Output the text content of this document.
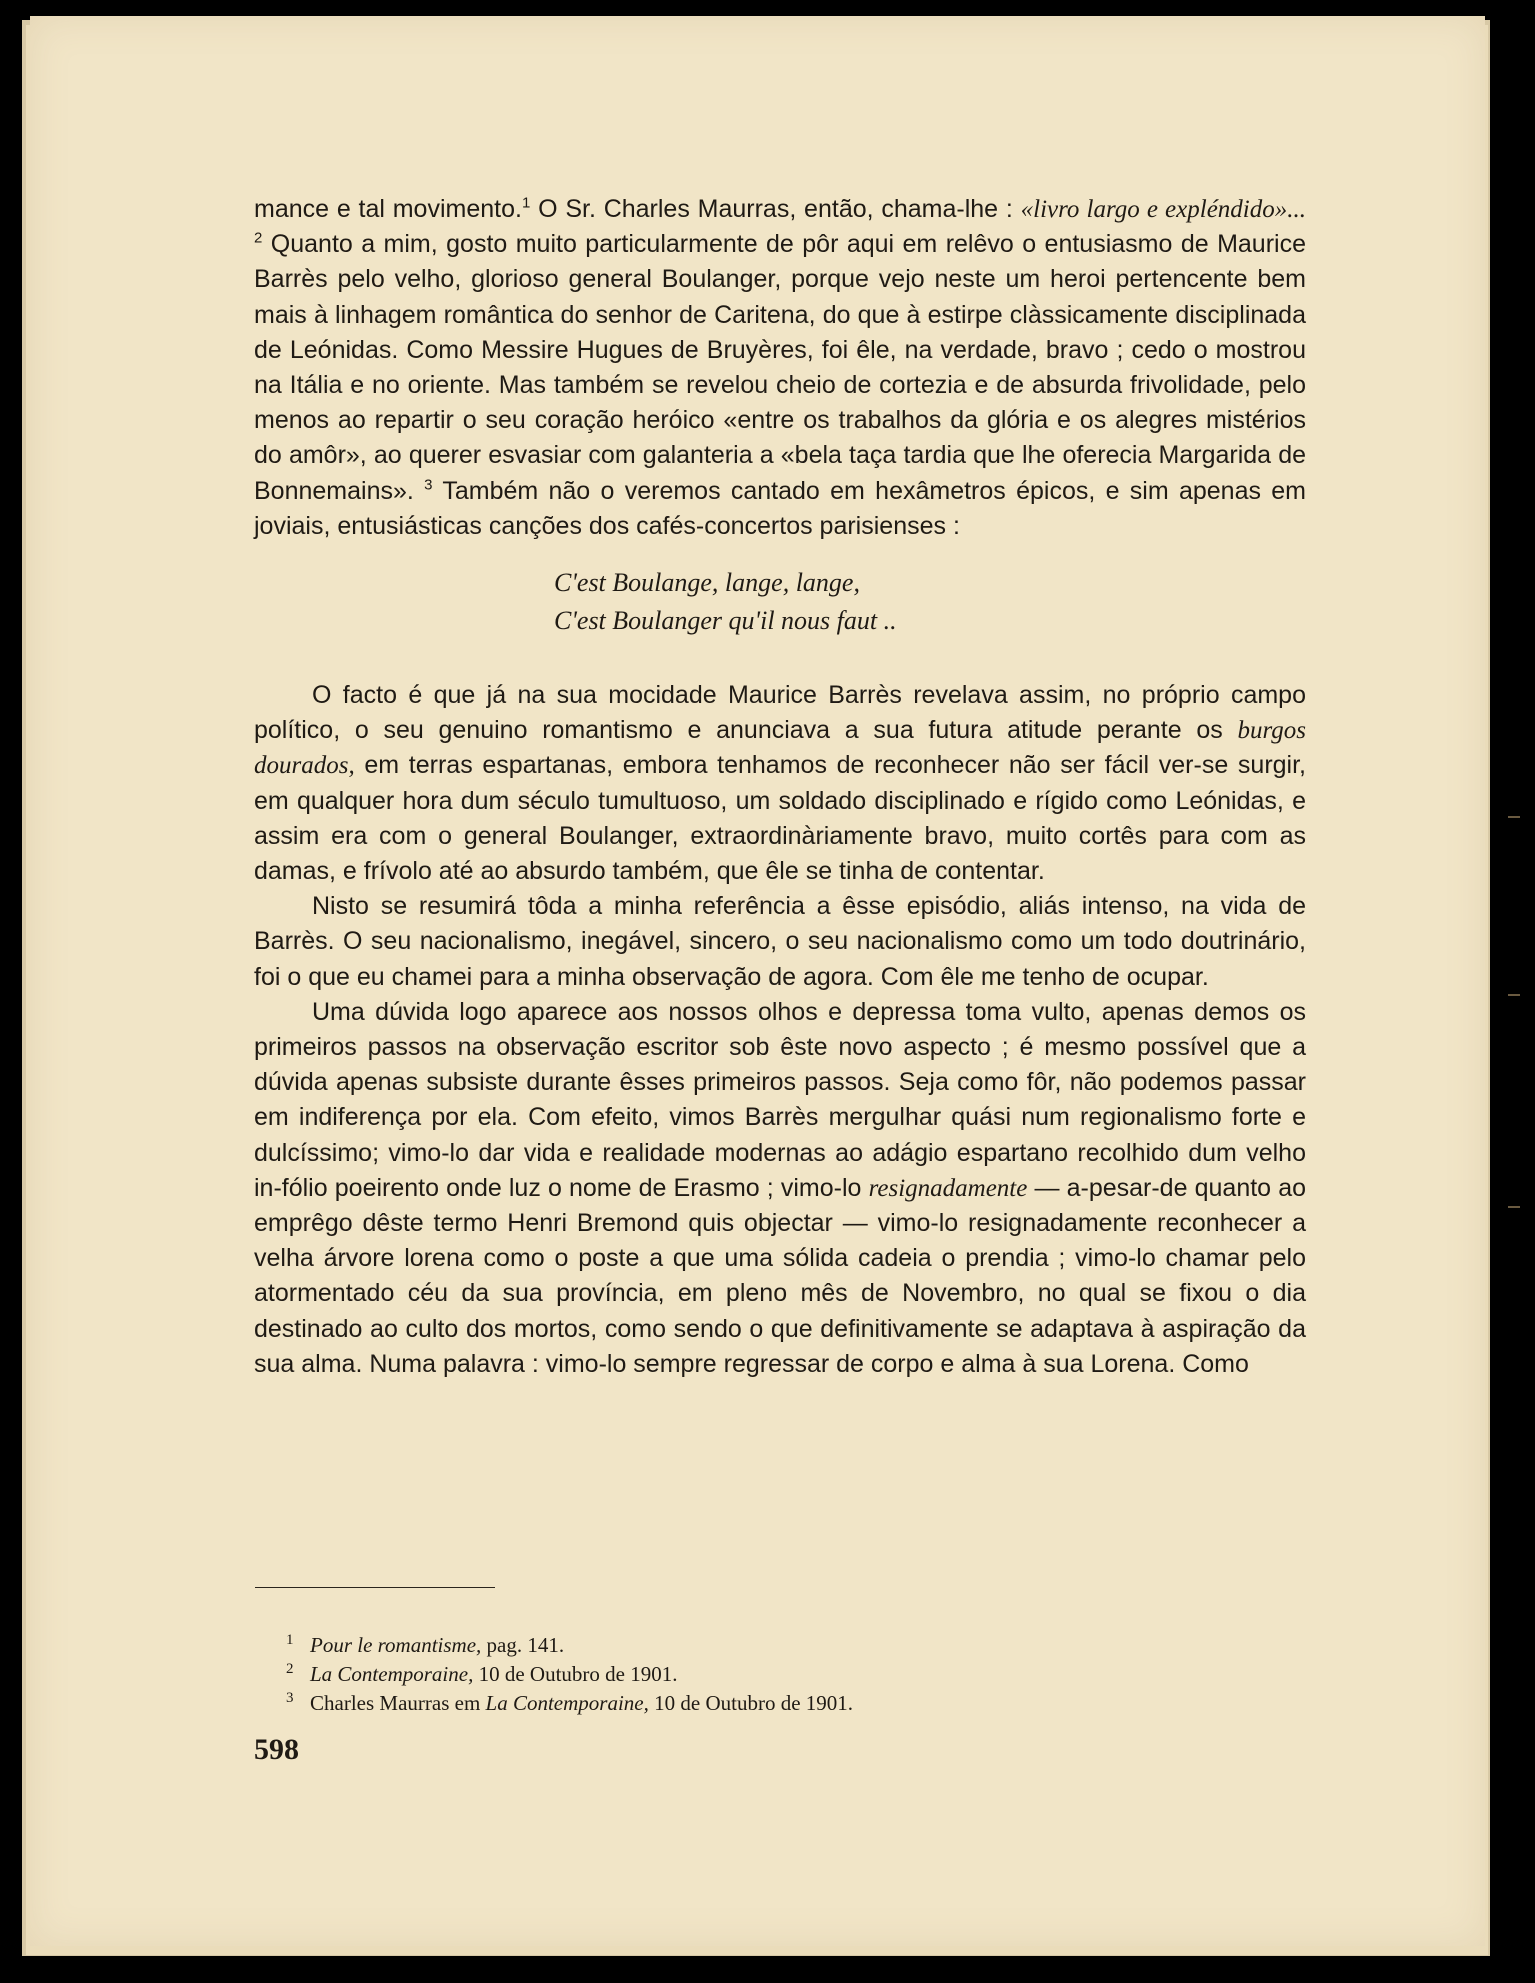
mance e tal movimento.$^1$ O Sr. Charles Maurras, então, chama-lhe : «livro largo e expléndido»... $^2$ Quanto a mim, gosto muito particularmente de pôr aqui em relêvo o entusiasmo de Maurice Barrès pelo velho, glorioso general Boulanger, porque vejo neste um heroi pertencente bem mais à linhagem romântica do senhor de Caritena, do que à estirpe clàssicamente disciplinada de Leónidas. Como Messire Hugues de Bruyères, foi êle, na verdade, bravo ; cedo o mostrou na Itália e no oriente. Mas também se revelou cheio de cortezia e de absurda frivolidade, pelo menos ao repartir o seu coração heróico «entre os trabalhos da glória e os alegres mistérios do amôr», ao querer esvasiar com galanteria a «bela taça tardia que lhe oferecia Margarida de Bonnemains». $^3$ Também não o veremos cantado em hexâmetros épicos, e sim apenas em joviais, entusiásticas canções dos cafés-concertos parisienses :

C'est Boulange, lange, lange,
C'est Boulanger qu'il nous faut ..

O facto é que já na sua mocidade Maurice Barrès revelava assim, no próprio campo político, o seu genuino romantismo e anunciava a sua futura atitude perante os burgos dourados, em terras espartanas, embora tenhamos de reconhecer não ser fácil ver-se surgir, em qualquer hora dum século tumultuoso, um soldado disciplinado e rígido como Leónidas, e assim era com o general Boulanger, extraordinàriamente bravo, muito cortês para com as damas, e frívolo até ao absurdo também, que êle se tinha de contentar.

Nisto se resumirá tôda a minha referência a êsse episódio, aliás intenso, na vida de Barrès. O seu nacionalismo, inegável, sincero, o seu nacionalismo como um todo doutrinário, foi o que eu chamei para a minha observação de agora. Com êle me tenho de ocupar.

Uma dúvida logo aparece aos nossos olhos e depressa toma vulto, apenas demos os primeiros passos na observação escritor sob êste novo aspecto ; é mesmo possível que a dúvida apenas subsiste durante êsses primeiros passos. Seja como fôr, não podemos passar em indiferença por ela. Com efeito, vimos Barrès mergulhar quási num regionalismo forte e dulcíssimo; vimo-lo dar vida e realidade modernas ao adágio espartano recolhido dum velho in-fólio poeirento onde luz o nome de Erasmo ; vimo-lo resignadamente — a-pesar-de quanto ao emprêgo dêste termo Henri Bremond quis objectar — vimo-lo resignadamente reconhecer a velha árvore lorena como o poste a que uma sólida cadeia o prendia ; vimo-lo chamar pelo atormentado céu da sua província, em pleno mês de Novembro, no qual se fixou o dia destinado ao culto dos mortos, como sendo o que definitivamente se adaptava à aspiração da sua alma. Numa palavra : vimo-lo sempre regressar de corpo e alma à sua Lorena. Como

1 Pour le romantisme, pag. 141.
2 La Contemporaine, 10 de Outubro de 1901.
3 Charles Maurras em La Contemporaine, 10 de Outubro de 1901.
598
